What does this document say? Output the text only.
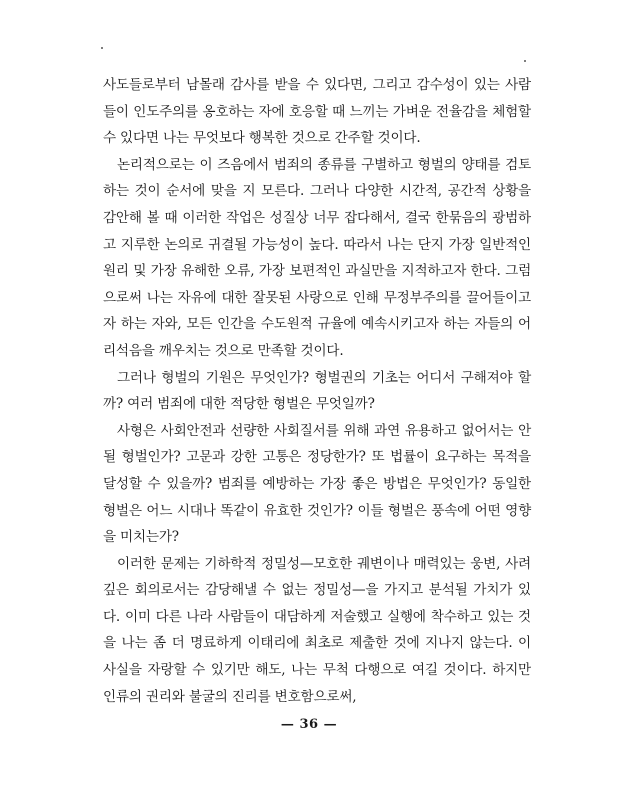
사도들로부터 남몰래 감사를 받을 수 있다면, 그리고 감수성이 있는 사람들이 인도주의를 옹호하는 자에 호응할 때 느끼는 가벼운 전율감을 체험할 수 있다면 나는 무엇보다 행복한 것으로 간주할 것이다.

논리적으로는 이 즈음에서 범죄의 종류를 구별하고 형벌의 양태를 검토하는 것이 순서에 맞을 지 모른다. 그러나 다양한 시간적, 공간적 상황을 감안해 볼 때 이러한 작업은 성질상 너무 잡다해서, 결국 한묶음의 광범하고 지루한 논의로 귀결될 가능성이 높다. 따라서 나는 단지 가장 일반적인 원리 및 가장 유해한 오류, 가장 보편적인 과실만을 지적하고자 한다. 그럼으로써 나는 자유에 대한 잘못된 사랑으로 인해 무정부주의를 끌어들이고자 하는 자와, 모든 인간을 수도원적 규율에 예속시키고자 하는 자들의 어리석음을 깨우치는 것으로 만족할 것이다.

그러나 형벌의 기원은 무엇인가? 형벌권의 기초는 어디서 구해져야 할까? 여러 범죄에 대한 적당한 형벌은 무엇일까?

사형은 사회안전과 선량한 사회질서를 위해 과연 유용하고 없어서는 안될 형벌인가? 고문과 강한 고통은 정당한가? 또 법률이 요구하는 목적을 달성할 수 있을까? 범죄를 예방하는 가장 좋은 방법은 무엇인가? 동일한 형벌은 어느 시대나 똑같이 유효한 것인가? 이들 형벌은 풍속에 어떤 영향을 미치는가?

이러한 문제는 기하학적 정밀성—모호한 궤변이나 매력있는 웅변, 사려깊은 회의로서는 감당해낼 수 없는 정밀성—을 가지고 분석될 가치가 있다. 이미 다른 나라 사람들이 대담하게 저술했고 실행에 착수하고 있는 것을 나는 좀 더 명료하게 이태리에 최초로 제출한 것에 지나지 않는다. 이 사실을 자랑할 수 있기만 해도, 나는 무척 다행으로 여길 것이다. 하지만 인류의 권리와 불굴의 진리를 변호함으로써,

— 36 —
